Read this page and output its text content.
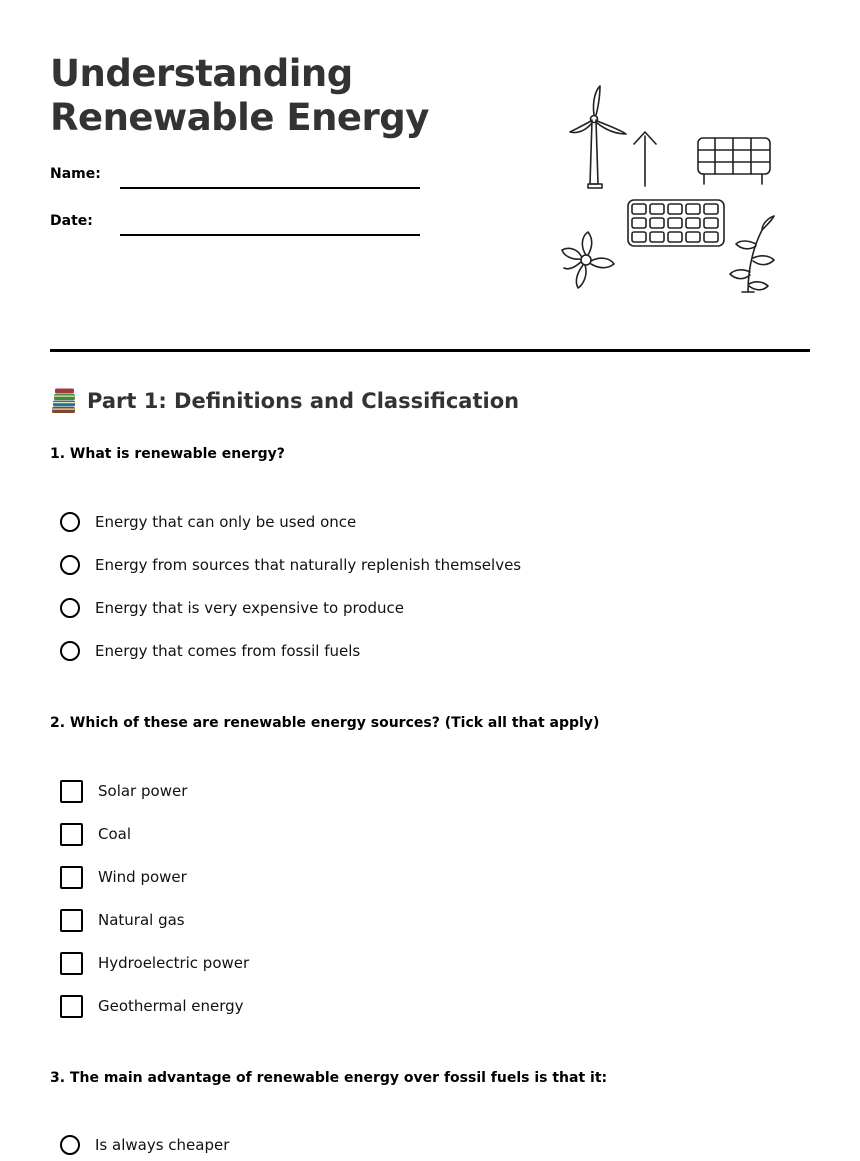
Understanding
Renewable Energy
Name:
Date:
Part 1: Definitions and Classification
1. What is renewable energy?
Energy that can only be used once
Energy from sources that naturally replenish themselves
Energy that is very expensive to produce
Energy that comes from fossil fuels
2. Which of these are renewable energy sources? (Tick all that apply)
Solar power
Coal
Wind power
Natural gas
Hydroelectric power
Geothermal energy
3. The main advantage of renewable energy over fossil fuels is that it:
Is always cheaper
